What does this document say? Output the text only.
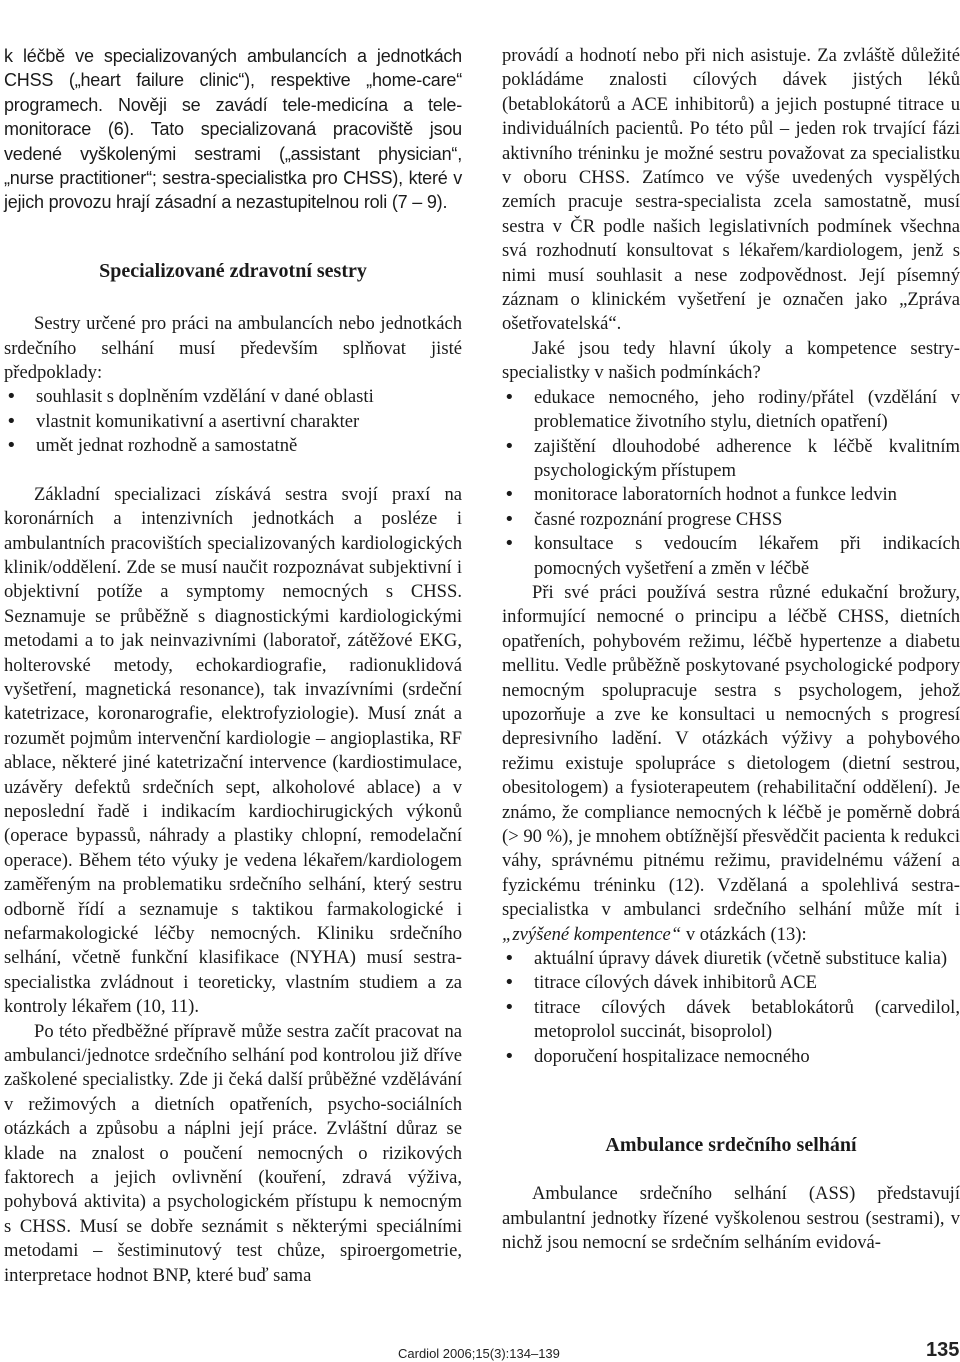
k léčbě ve specializovaných ambulancích a jednotkách CHSS („heart failure clinic“), respektive „home-care“ programech. Nověji se zavádí tele-medicína a tele-monitorace (6). Tato specializovaná pracoviště jsou vedené vyškolenými sestrami („assistant physician“, „nurse practitioner“; sestra-specialistka pro CHSS), které v jejich provozu hrají zásadní a nezastupitelnou roli (7 – 9).

Specializované zdravotní sestry

Sestry určené pro práci na ambulancích nebo jednotkách srdečního selhání musí především splňovat jisté předpoklady:

• souhlasit s doplněním vzdělání v dané oblasti
• vlastnit komunikativní a asertivní charakter
• umět jednat rozhodně a samostatně

Základní specializaci získává sestra svojí praxí na koronárních a intenzivních jednotkách a posléze i ambulantních pracovištích specializovaných kardiologických klinik/oddělení. Zde se musí naučit rozpoznávat subjektivní i objektivní potíže a symptomy nemocných s CHSS. Seznamuje se průběžně s diagnostickými kardiologickými metodami a to jak neinvazivními (laboratoř, zátěžové EKG, holterovské metody, echokardiografie, radionuklidová vyšetření, magnetická resonance), tak invazívními (srdeční katetrizace, koronarografie, elektrofyziologie). Musí znát a rozumět pojmům intervenční kardiologie – angioplastika, RF ablace, některé jiné katetrizační intervence (kardiostimulace, uzávěry defektů srdečních sept, alkoholové ablace) a v neposlední řadě i indikacím kardiochirugických výkonů (operace bypassů, náhrady a plastiky chlopní, remodelační operace). Během této výuky je vedena lékařem/kardiologem zaměřeným na problematiku srdečního selhání, který sestru odborně řídí a seznamuje s taktikou farmakologické i nefarmakologické léčby nemocných. Kliniku srdečního selhání, včetně funkční klasifikace (NYHA) musí sestra-specialistka zvládnout i teoreticky, vlastním studiem a za kontroly lékařem (10, 11).

Po této předběžné přípravě může sestra začít pracovat na ambulanci/jednotce srdečního selhání pod kontrolou již dříve zaškolené specialistky. Zde ji čeká další průběžné vzdělávání v režimových a dietních opatřeních, psycho-sociálních otázkách a způsobu a náplni její práce. Zvláštní důraz se klade na znalost o poučení nemocných o rizikových faktorech a jejich ovlivnění (kouření, zdravá výživa, pohybová aktivita) a psychologickém přístupu k nemocným s CHSS. Musí se dobře seznámit s některými speciálními metodami – šestiminutový test chůze, spiroergometrie, interpretace hodnot BNP, které buď sama

provádí a hodnotí nebo při nich asistuje. Za zvláště důležité pokládáme znalosti cílových dávek jistých léků (betablokátorů a ACE inhibitorů) a jejich postupné titrace u individuálních pacientů. Po této půl – jeden rok trvající fázi aktivního tréninku je možné sestru považovat za specialistku v oboru CHSS. Zatímco ve výše uvedených vyspělých zemích pracuje sestra-specialista zcela samostatně, musí sestra v ČR podle našich legislativních podmínek všechna svá rozhodnutí konsultovat s lékařem/kardiologem, jenž s nimi musí souhlasit a nese zodpovědnost. Její písemný záznam o klinickém vyšetření je označen jako „Zpráva ošetřovatelská“.

Jaké jsou tedy hlavní úkoly a kompetence sestry-specialistky v našich podmínkách?

• edukace nemocného, jeho rodiny/přátel (vzdělání v problematice životního stylu, dietních opatření)
• zajištění dlouhodobé adherence k léčbě kvalitním psychologickým přístupem
• monitorace laboratorních hodnot a funkce ledvin
• časné rozpoznání progrese CHSS
• konsultace s vedoucím lékařem při indikacích pomocných vyšetření a změn v léčbě

Při své práci používá sestra různé edukační brožury, informující nemocné o principu a léčbě CHSS, dietních opatřeních, pohybovém režimu, léčbě hypertenze a diabetu mellitu. Vedle průběžně poskytované psychologické podpory nemocným spolupracuje sestra s psychologem, jehož upozorňuje a zve ke konsultaci u nemocných s progresí depresivního ladění. V otázkách výživy a pohybového režimu existuje spolupráce s dietologem (dietní sestrou, obesitologem) a fysioterapeutem (rehabilitační oddělení). Je známo, že compliance nemocných k léčbě je poměrně dobrá (> 90 %), je mnohem obtížnější přesvědčit pacienta k redukci váhy, správnému pitnému režimu, pravidelnému vážení a fyzickému tréninku (12). Vzdělaná a spolehlivá sestra-specialistka v ambulanci srdečního selhání může mít i „zvýšené kompentence“ v otázkách (13):

• aktuální úpravy dávek diuretik (včetně substituce kalia)
• titrace cílových dávek inhibitorů ACE
• titrace cílových dávek betablokátorů (carvedilol, metoprolol succinát, bisoprolol)
• doporučení hospitalizace nemocného
Ambulance srdečního selhání

Ambulance srdečního selhání (ASS) představují ambulantní jednotky řízené vyškolenou sestrou (sestrami), v nichž jsou nemocní se srdečním selháním evidová-

Cardiol 2006;15(3):134–139	135
